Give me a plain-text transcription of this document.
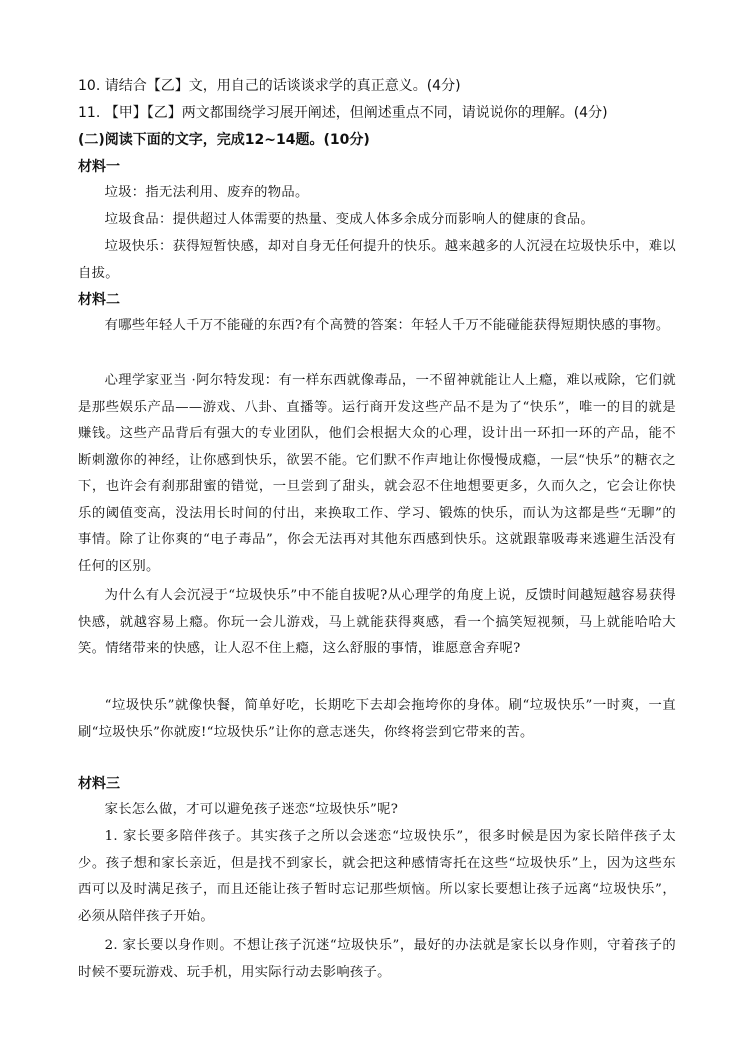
10. 请结合【乙】文，用自己的话谈谈求学的真正意义。(4分)
11. 【甲】【乙】两文都围绕学习展开阐述，但阐述重点不同，请说说你的理解。(4分)
(二)阅读下面的文字，完成12~14题。(10分)
材料一
垃圾：指无法利用、废弃的物品。
垃圾食品：提供超过人体需要的热量、变成人体多余成分而影响人的健康的食品。
垃圾快乐：获得短暂快感，却对自身无任何提升的快乐。越来越多的人沉浸在垃圾快乐中，难以自拔。
材料二
有哪些年轻人千万不能碰的东西?有个高赞的答案：年轻人千万不能碰能获得短期快感的事物。
心理学家亚当 ·阿尔特发现：有一样东西就像毒品，一不留神就能让人上瘾，难以戒除，它们就是那些娱乐产品——游戏、八卦、直播等。运行商开发这些产品不是为了“快乐”，唯一的目的就是赚钱。这些产品背后有强大的专业团队，他们会根据大众的心理，设计出一环扣一环的产品，能不断刺激你的神经，让你感到快乐，欲罢不能。它们默不作声地让你慢慢成瘾，一层“快乐”的糖衣之下，也许会有刹那甜蜜的错觉，一旦尝到了甜头，就会忍不住地想要更多，久而久之，它会让你快乐的阈值变高，没法用长时间的付出，来换取工作、学习、锻炼的快乐，而认为这都是些“无聊”的事情。除了让你爽的“电子毒品”，你会无法再对其他东西感到快乐。这就跟靠吸毒来逃避生活没有任何的区别。
为什么有人会沉浸于“垃圾快乐”中不能自拔呢?从心理学的角度上说，反馈时间越短越容易获得快感，就越容易上瘾。你玩一会儿游戏，马上就能获得爽感，看一个搞笑短视频，马上就能哈哈大笑。情绪带来的快感，让人忍不住上瘾，这么舒服的事情，谁愿意舍弃呢?
“垃圾快乐”就像快餐，简单好吃，长期吃下去却会拖垮你的身体。刷“垃圾快乐”一时爽，一直刷“垃圾快乐”你就废!“垃圾快乐”让你的意志迷失，你终将尝到它带来的苦。
材料三
家长怎么做，才可以避免孩子迷恋“垃圾快乐”呢?
1. 家长要多陪伴孩子。其实孩子之所以会迷恋“垃圾快乐”，很多时候是因为家长陪伴孩子太少。孩子想和家长亲近，但是找不到家长，就会把这种感情寄托在这些“垃圾快乐”上，因为这些东西可以及时满足孩子，而且还能让孩子暂时忘记那些烦恼。所以家长要想让孩子远离“垃圾快乐”，必须从陪伴孩子开始。
2. 家长要以身作则。不想让孩子沉迷“垃圾快乐”，最好的办法就是家长以身作则，守着孩子的时候不要玩游戏、玩手机，用实际行动去影响孩子。
